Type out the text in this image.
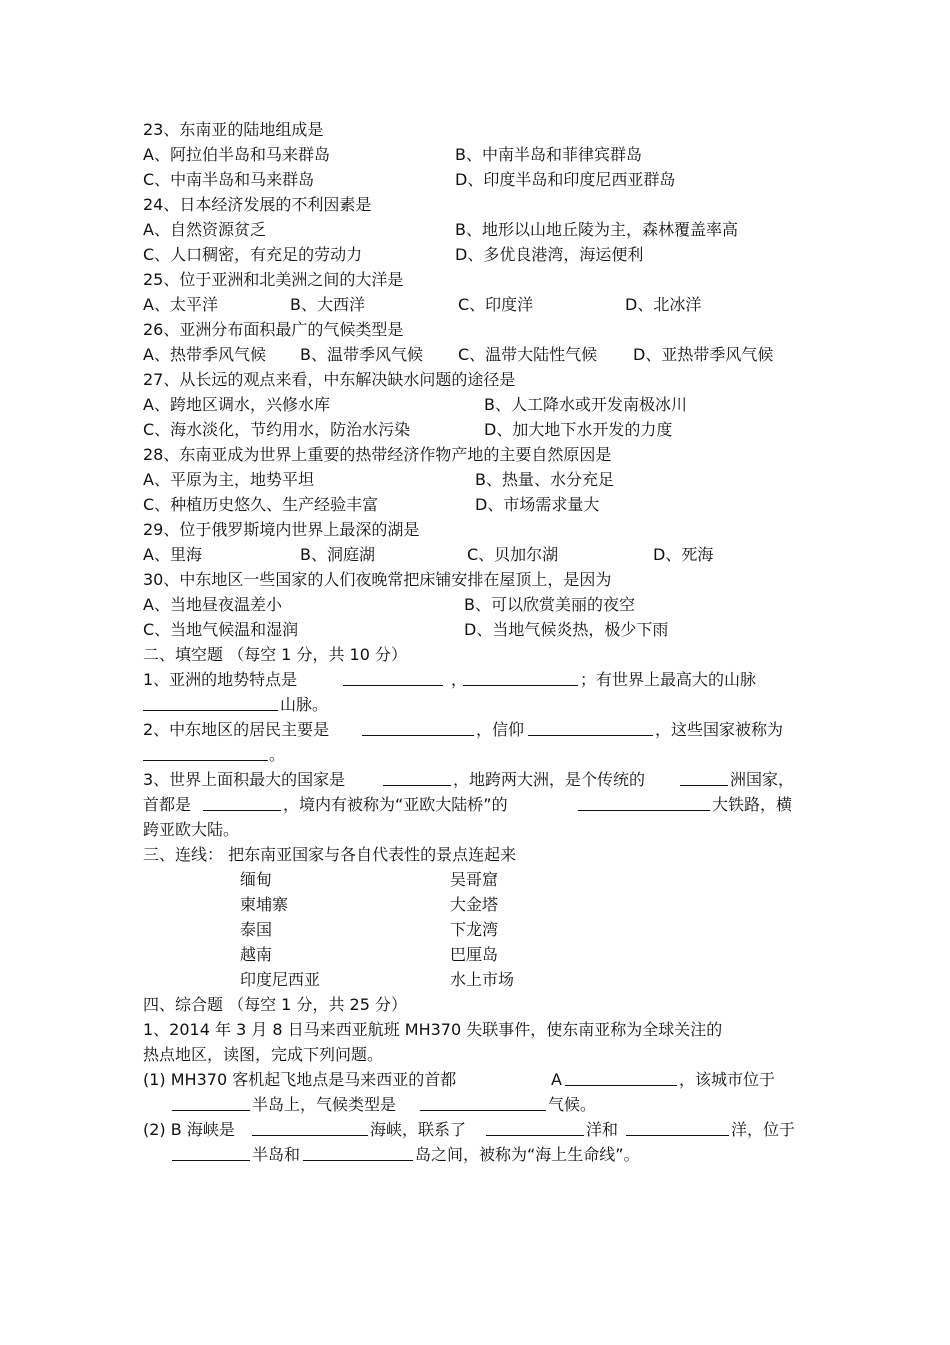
23、东南亚的陆地组成是
A、阿拉伯半岛和马来群岛	B、中南半岛和菲律宾群岛
C、中南半岛和马来群岛	D、印度半岛和印度尼西亚群岛
24、日本经济发展的不利因素是
A、自然资源贫乏	B、地形以山地丘陵为主，森林覆盖率高
C、人口稠密，有充足的劳动力	D、多优良港湾，海运便利
25、位于亚洲和北美洲之间的大洋是
A、太平洋	B、大西洋	C、印度洋	D、北冰洋
26、亚洲分布面积最广的气候类型是
A、热带季风气候 B、温带季风气候 C、温带大陆性气候 D、亚热带季风气候
27、从长远的观点来看，中东解决缺水问题的途径是
A、跨地区调水，兴修水库	B、人工降水或开发南极冰川
C、海水淡化，节约用水，防治水污染	D、加大地下水开发的力度
28、东南亚成为世界上重要的热带经济作物产地的主要自然原因是
A、平原为主，地势平坦	B、热量、水分充足
C、种植历史悠久、生产经验丰富	D、市场需求量大
29、位于俄罗斯境内世界上最深的湖是
A、里海	B、洞庭湖	C、贝加尔湖	D、死海
30、中东地区一些国家的人们夜晚常把床铺安排在屋顶上，是因为
A、当地昼夜温差小	B、可以欣赏美丽的夜空
C、当地气候温和湿润	D、当地气候炎热，极少下雨
二、填空题 （每空 1 分，共 10 分）
1、亚洲的地势特点是	，	；有世界上最高大的山脉
山脉。
2、中东地区的居民主要是	，信仰	，这些国家被称为
。
3、世界上面积最大的国家是	，地跨两大洲，是个传统的	洲国家，
首都是	，境内有被称为“亚欧大陆桥”的	大铁路，横
跨亚欧大陆。
三、连线： 把东南亚国家与各自代表性的景点连起来
缅甸	吴哥窟
柬埔寨	大金塔
泰国	下龙湾
越南	巴厘岛
印度尼西亚	水上市场
四、综合题 （每空 1 分，共 25 分）
1、2014 年 3 月 8 日马来西亚航班 MH370 失联事件，使东南亚称为全球关注的
热点地区，读图，完成下列问题。
(1) MH370 客机起飞地点是马来西亚的首都	A	，该城市位于
半岛上，气候类型是	气候。
(2) B 海峡是	海峡，联系了	洋和	洋，位于
半岛和	岛之间，被称为“海上生命线”。
